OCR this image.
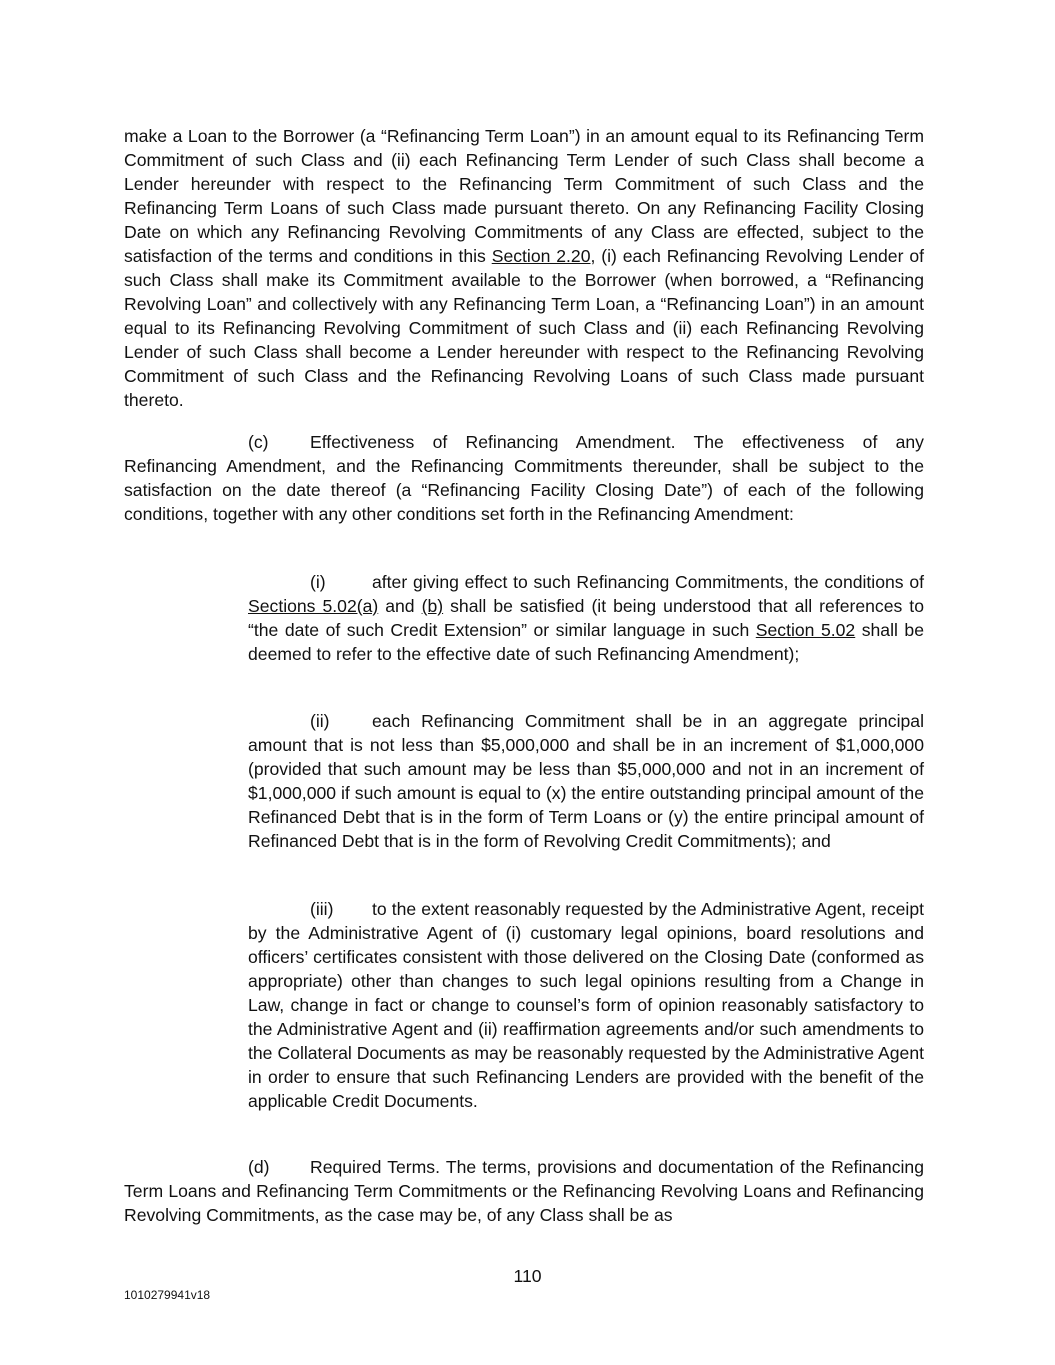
make a Loan to the Borrower (a “Refinancing Term Loan”) in an amount equal to its Refinancing Term Commitment of such Class and (ii) each Refinancing Term Lender of such Class shall become a Lender hereunder with respect to the Refinancing Term Commitment of such Class and the Refinancing Term Loans of such Class made pursuant thereto. On any Refinancing Facility Closing Date on which any Refinancing Revolving Commitments of any Class are effected, subject to the satisfaction of the terms and conditions in this Section 2.20, (i) each Refinancing Revolving Lender of such Class shall make its Commitment available to the Borrower (when borrowed, a “Refinancing Revolving Loan” and collectively with any Refinancing Term Loan, a “Refinancing Loan”) in an amount equal to its Refinancing Revolving Commitment of such Class and (ii) each Refinancing Revolving Lender of such Class shall become a Lender hereunder with respect to the Refinancing Revolving Commitment of such Class and the Refinancing Revolving Loans of such Class made pursuant thereto.

(c) Effectiveness of Refinancing Amendment. The effectiveness of any Refinancing Amendment, and the Refinancing Commitments thereunder, shall be subject to the satisfaction on the date thereof (a “Refinancing Facility Closing Date”) of each of the following conditions, together with any other conditions set forth in the Refinancing Amendment:

(i)	after giving effect to such Refinancing Commitments, the conditions of Sections 5.02(a) and (b) shall be satisfied (it being understood that all references to “the date of such Credit Extension” or similar language in such Section 5.02 shall be deemed to refer to the effective date of such Refinancing Amendment);

(ii) each Refinancing Commitment shall be in an aggregate principal amount that is not less than $5,000,000 and shall be in an increment of $1,000,000 (provided that such amount may be less than $5,000,000 and not in an increment of $1,000,000 if such amount is equal to (x) the entire outstanding principal amount of the Refinanced Debt that is in the form of Term Loans or (y) the entire principal amount of Refinanced Debt that is in the form of Revolving Credit Commitments); and

(iii) to the extent reasonably requested by the Administrative Agent, receipt by the Administrative Agent of (i) customary legal opinions, board resolutions and officers’ certificates consistent with those delivered on the Closing Date (conformed as appropriate) other than changes to such legal opinions resulting from a Change in Law, change in fact or change to counsel’s form of opinion reasonably satisfactory to the Administrative Agent and (ii) reaffirmation agreements and/or such amendments to the Collateral Documents as may be reasonably requested by the Administrative Agent in order to ensure that such Refinancing Lenders are provided with the benefit of the applicable Credit Documents.

(d) Required Terms. The terms, provisions and documentation of the Refinancing Term Loans and Refinancing Term Commitments or the Refinancing Revolving Loans and Refinancing Revolving Commitments, as the case may be, of any Class shall be as

110
1010279941v18
